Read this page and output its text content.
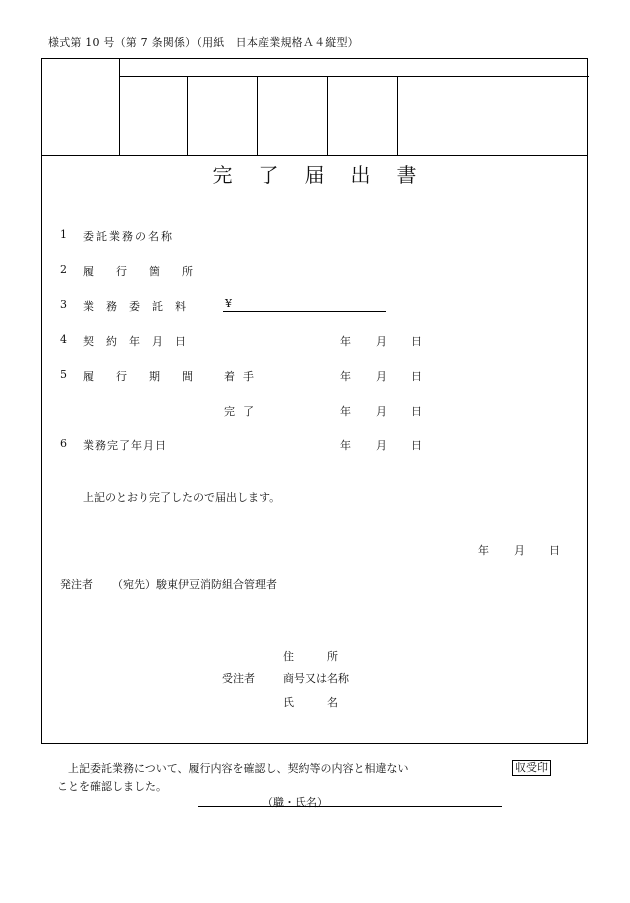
様式第 10 号（第 7 条関係）（用紙　日本産業規格Ａ４縦型）
完了届出書
1 委託業務の名称
2 履行箇所
3 業務委託料 ¥
4 契約年月日	年 月 日
5 履行期間 着手	年 月 日
完了	年 月 日
6 業務完了年月日	年 月 日
上記のとおり完了したので届出します。
年 月 日
発注者 （宛先）駿東伊豆消防組合管理者
住　　　所
受注者	商号又は名称
氏　　　名
上記委託業務について、履行内容を確認し、契約等の内容と相違ない
ことを確認しました。
収受印
（職・氏名）
